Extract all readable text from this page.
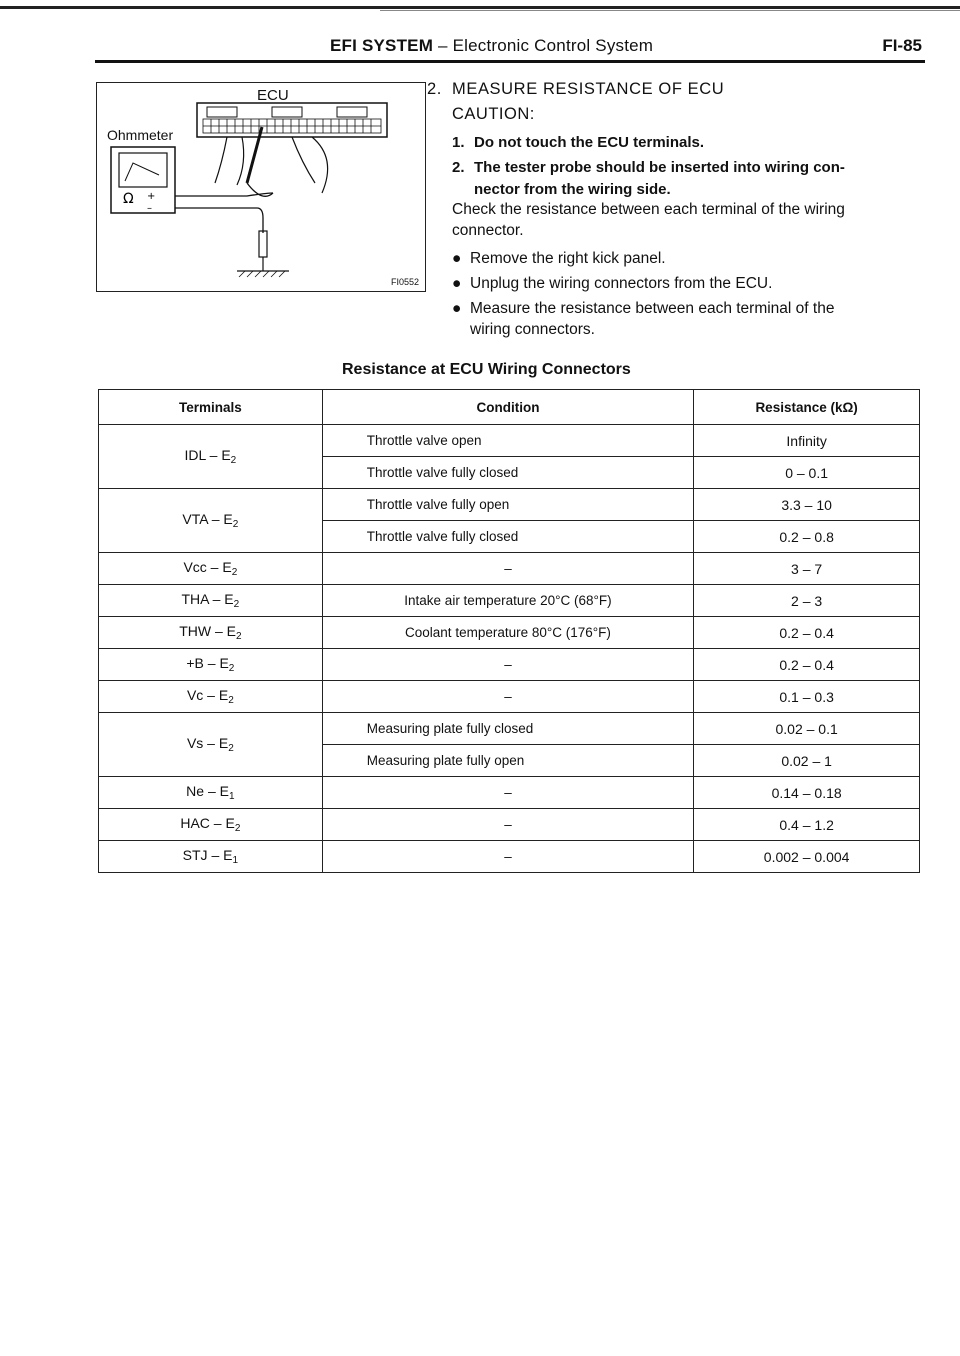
EFI SYSTEM – Electronic Control System	FI-85
Ω +
–
ECU
Ohmmeter
FI0552
2. MEASURE RESISTANCE OF ECU
CAUTION:
1. Do not touch the ECU terminals.
2. The tester probe should be inserted into wiring con-
nector from the wiring side.
Check the resistance between each terminal of the wiring
connector.
● Remove the right kick panel.
● Unplug the wiring connectors from the ECU.
● Measure the resistance between each terminal of the
wiring connectors.
Resistance at ECU Wiring Connectors
Terminals	Condition	Resistance (kΩ)
IDL – $E_2$	Throttle valve open	Infinity
	Throttle valve fully closed	0 – 0.1
VTA – $E_2$	Throttle valve fully open	3.3 – 10
	Throttle valve fully closed	0.2 – 0.8
Vcc – $E_2$	–	3 – 7
THA – $E_2$	Intake air temperature 20°C (68°F)	2 – 3
THW – $E_2$	Coolant temperature 80°C (176°F)	0.2 – 0.4
$+B - E_2$	–	0.2 – 0.4
Vc – $E_2$	–	0.1 – 0.3
Vs – $E_2$	Measuring plate fully closed	0.02 – 0.1
	Measuring plate fully open	0.02 – 1
Ne – $E_1$	–	0.14 – 0.18
HAC – $E_2$	–	0.4 – 1.2
STJ – $E_1$	–	0.002 – 0.004
